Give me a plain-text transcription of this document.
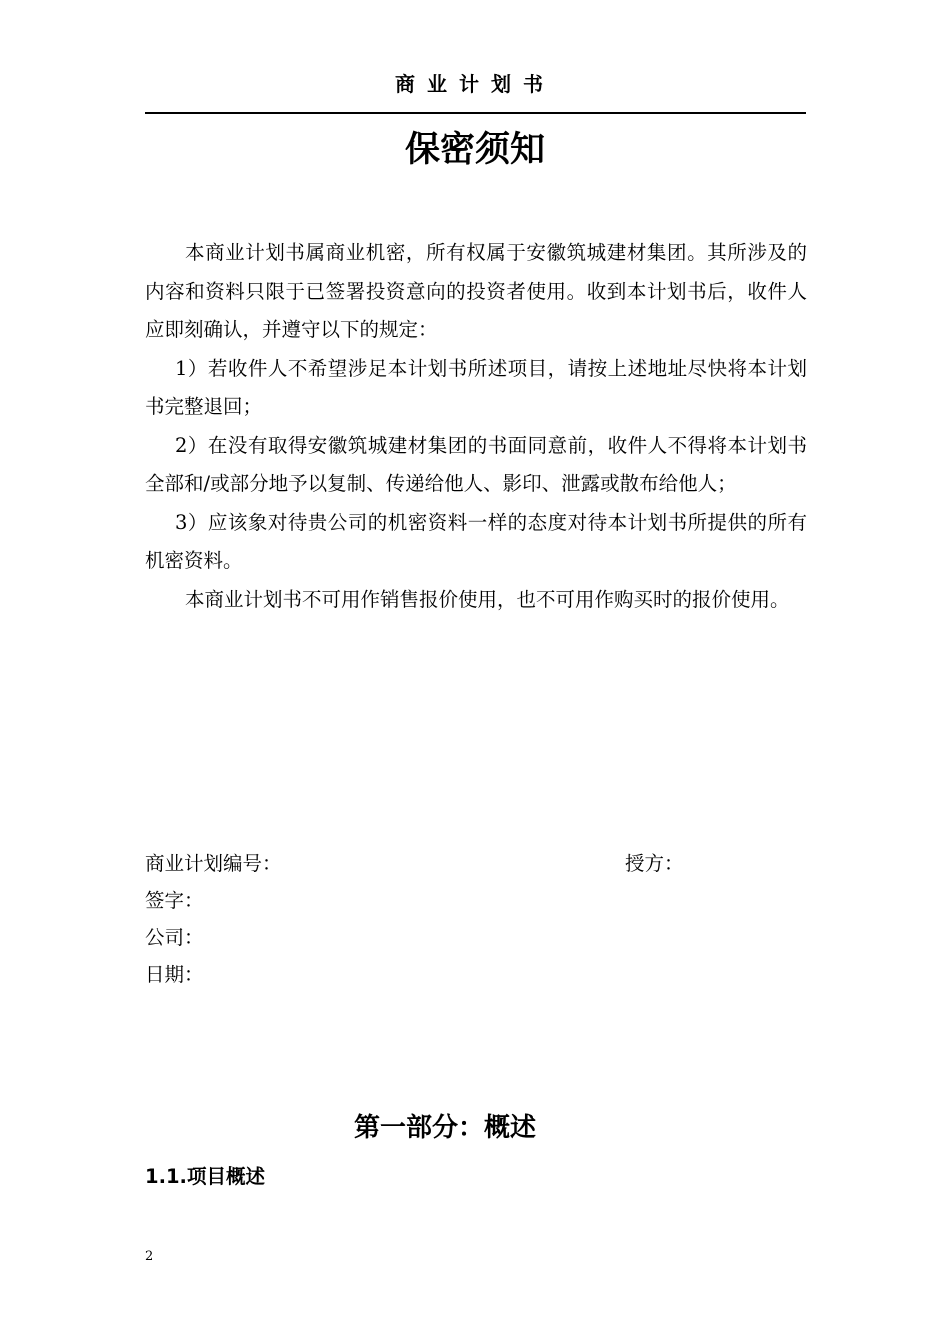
商业计划书
保密须知

本商业计划书属商业机密，所有权属于安徽筑城建材集团。其所涉及的内容和资料只限于已签署投资意向的投资者使用。收到本计划书后，收件人应即刻确认，并遵守以下的规定：

1）若收件人不希望涉足本计划书所述项目，请按上述地址尽快将本计划书完整退回；

2）在没有取得安徽筑城建材集团的书面同意前，收件人不得将本计划书全部和/或部分地予以复制、传递给他人、影印、泄露或散布给他人；

3）应该象对待贵公司的机密资料一样的态度对待本计划书所提供的所有机密资料。

本商业计划书不可用作销售报价使用，也不可用作购买时的报价使用。

商业计划编号：	授方：
签字：
公司：
日期：
第一部分：概述
1.1.项目概述
2
